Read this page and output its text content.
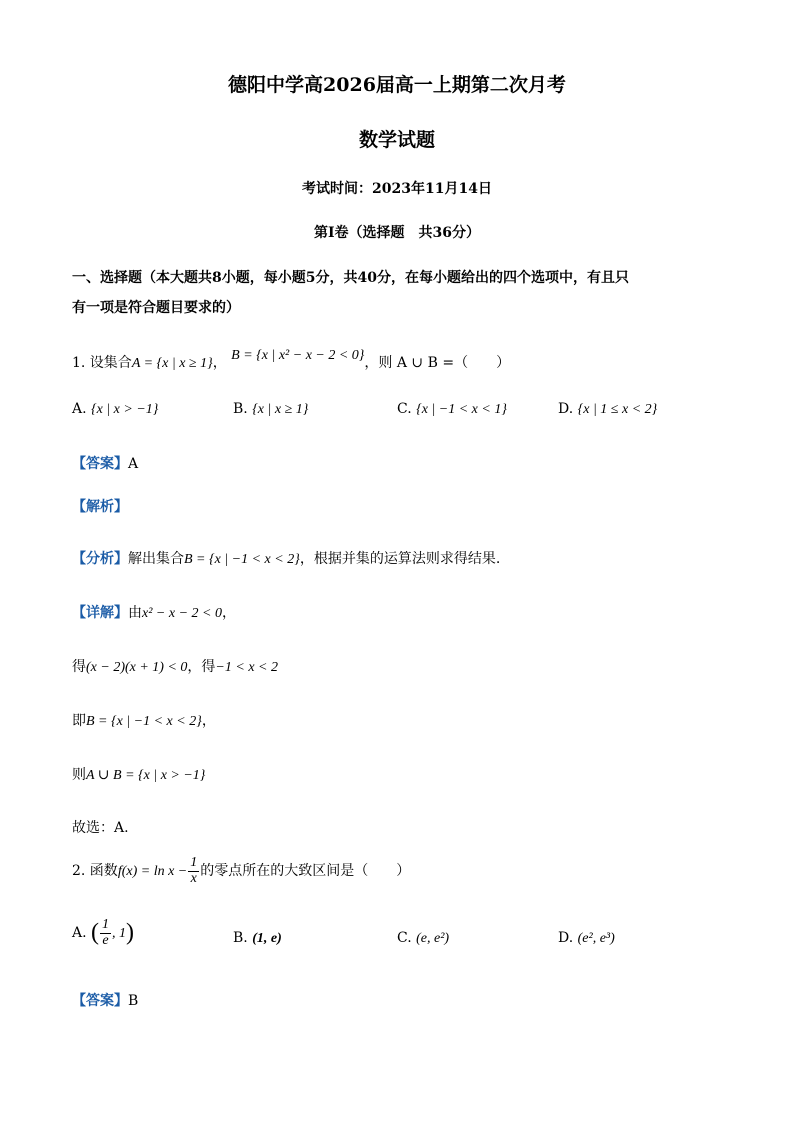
德阳中学高2026届高一上期第二次月考
数学试题
考试时间：2023年11月14日
第I卷（选择题　共36分）
一、选择题（本大题共8小题，每小题5分，共40分，在每小题给出的四个选项中，有且只
有一项是符合题目要求的）
1. 设集合A = {x | x ≥ 1}， B = {x | x² − x − 2 < 0}，则 A ∪ B =（　　）
A. {x | x > −1}	B. {x | x ≥ 1}	C. {x | −1 < x < 1}	D. {x | 1 ≤ x < 2}
【答案】A
【解析】
【分析】解出集合B = {x | −1 < x < 2}，根据并集的运算法则求得结果.
【详解】由x² − x − 2 < 0，
得(x − 2)(x + 1) < 0，得−1 < x < 2
即B = {x | −1 < x < 2}，
则A ∪ B = {x | x > −1}
故选：A.
2. 函数$f(x) = \ln x - \frac{1}{x}$ 的零点所在的大致区间是（　　）
A. ( $\frac{1}{e}$ , 1)	B. (1, e)	C. (e, e²)	D. (e², e³)
【答案】B
